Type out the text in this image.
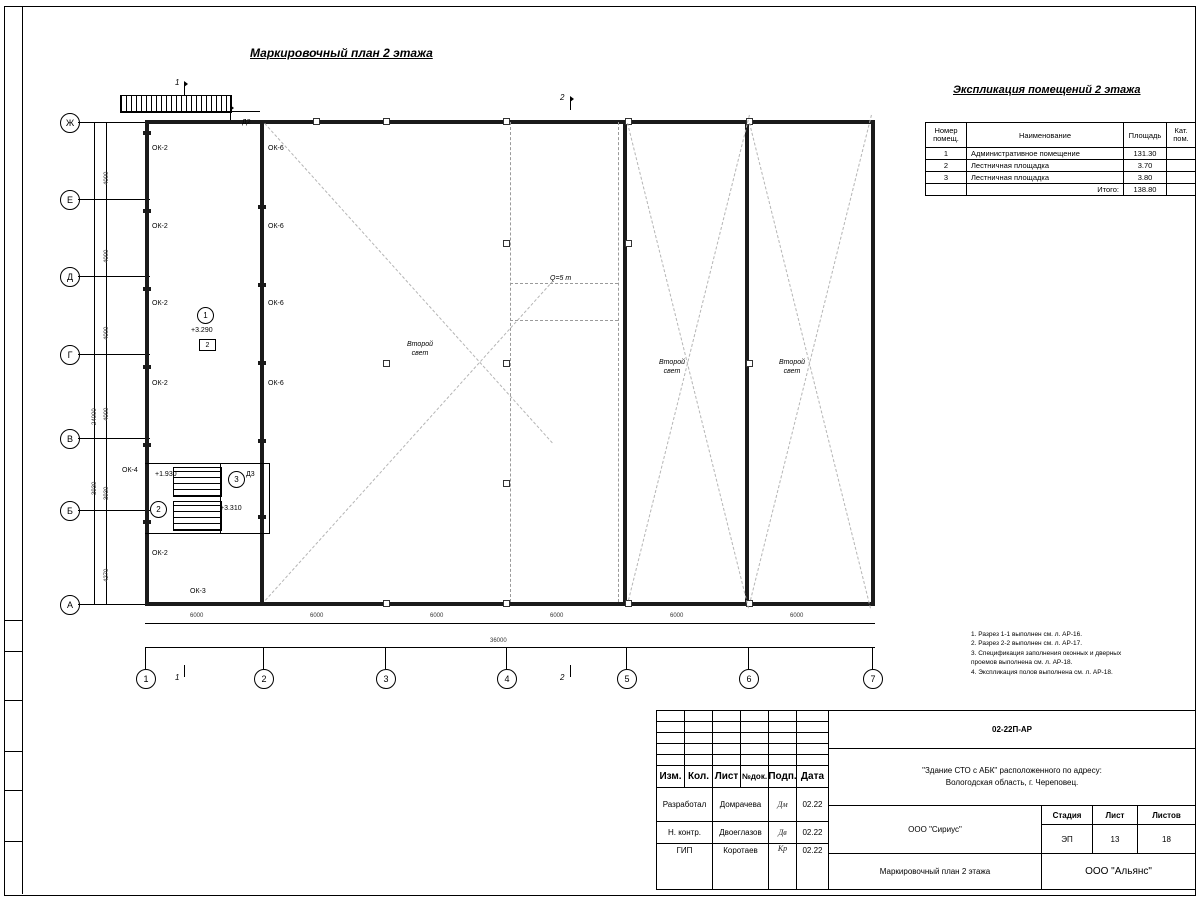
Маркировочный план 2 этажа
Экспликация помещений 2 этажа
Ж
Е
Д
Г
В
Б
А
4000
4000
4000
4000
3930
4270
24000
3930
Д2
ОК-2
ОК-2
ОК-2
ОК-2
ОК-4
ОК-2
ОК-3
ОК-6
ОК-6
ОК-6
ОК-6
Второй
свет
Второй
свет
Второй
свет
Q=5 т
1
+3.290
2
3
2
+1.930
+3.310
Д3
1
1
2
2
6000	6000	6000	6000	6000	6000
36000
1	2	3	4	5	6	7
Номер
помещ.	Наименование	Площадь	Кат.
пом.
1	Административное помещение	131.30	
2	Лестничная площадка	3.70	
3	Лестничная площадка	3.80	
	Итого:	138.80	
1. Разрез 1-1 выполнен см. л. АР-16.
2. Разрез 2-2 выполнен см. л. АР-17.
3. Спецификация заполнения оконных и дверных
проемов выполнена см. л. АР-18.
4. Экспликация полов выполнена см. л. АР-18.
Изм. Кол. Лист №док. Подп. Дата
Разработал	Домрачева	Дм	02.22
Н. контр.	Двоеглазов	Дв	02.22
ГИП	Коротаев	Кр	02.22
02-22П-АР
"Здание СТО с АБК" расположенного по адресу:
Вологодская область, г. Череповец.
ООО "Сириус"
Маркировочный план 2 этажа
Стадия	Лист	Листов
ЭП	13	18
ООО "Альянс"
